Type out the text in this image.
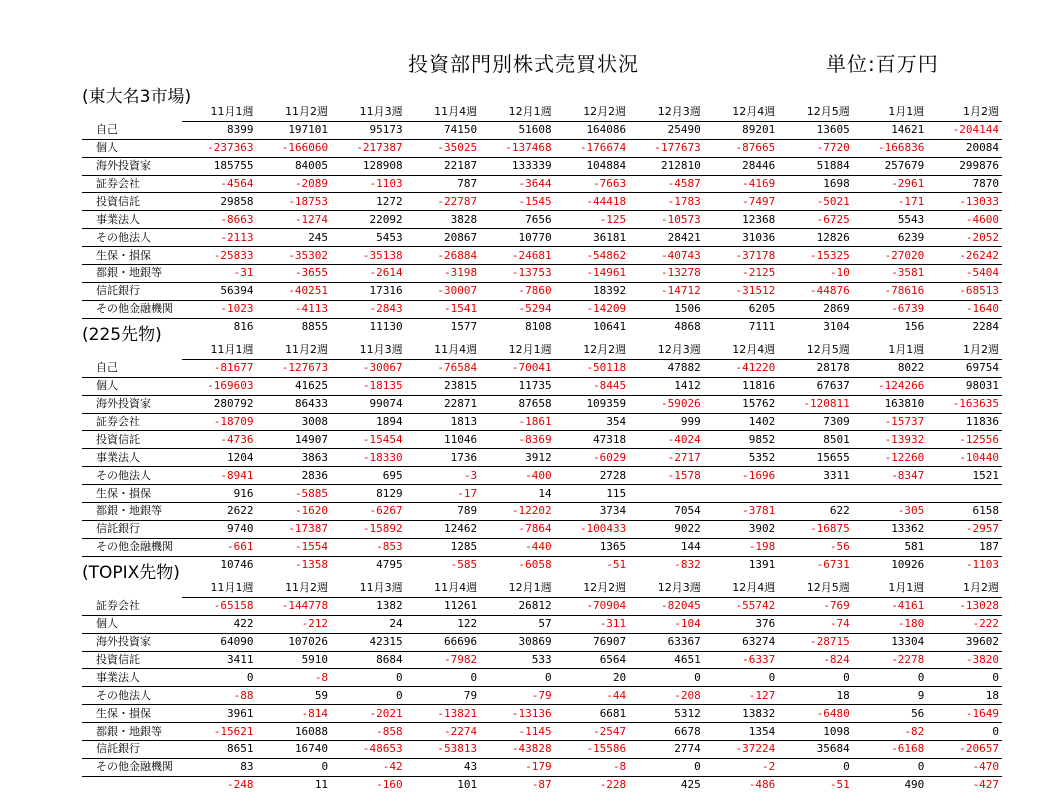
投資部門別株式売買状況	単位:百万円
(東大名3市場)
	11月1週	11月2週	11月3週	11月4週	12月1週	12月2週	12月3週	12月4週	12月5週	1月1週	1月2週
自己	8399	197101	95173	74150	51608	164086	25490	89201	13605	14621	-204144
個人	-237363	-166060	-217387	-35025	-137468	-176674	-177673	-87665	-7720	-166836	20084
海外投資家	185755	84005	128908	22187	133339	104884	212810	28446	51884	257679	299876
証券会社	-4564	-2089	-1103	787	-3644	-7663	-4587	-4169	1698	-2961	7870
投資信託	29858	-18753	1272	-22787	-1545	-44418	-1783	-7497	-5021	-171	-13033
事業法人	-8663	-1274	22092	3828	7656	-125	-10573	12368	-6725	5543	-4600
その他法人	-2113	245	5453	20867	10770	36181	28421	31036	12826	6239	-2052
生保・損保	-25833	-35302	-35138	-26884	-24681	-54862	-40743	-37178	-15325	-27020	-26242
都銀・地銀等	-31	-3655	-2614	-3198	-13753	-14961	-13278	-2125	-10	-3581	-5404
信託銀行	56394	-40251	17316	-30007	-7860	18392	-14712	-31512	-44876	-78616	-68513
その他金融機関	-1023	-4113	-2843	-1541	-5294	-14209	1506	6205	2869	-6739	-1640
	816	8855	11130	1577	8108	10641	4868	7111	3104	156	2284
(225先物)
	11月1週	11月2週	11月3週	11月4週	12月1週	12月2週	12月3週	12月4週	12月5週	1月1週	1月2週
自己	-81677	-127673	-30067	-76584	-70041	-50118	47882	-41220	28178	8022	69754
個人	-169603	41625	-18135	23815	11735	-8445	1412	11816	67637	-124266	98031
海外投資家	280792	86433	99074	22871	87658	109359	-59026	15762	-120811	163810	-163635
証券会社	-18709	3008	1894	1813	-1861	354	999	1402	7309	-15737	11836
投資信託	-4736	14907	-15454	11046	-8369	47318	-4024	9852	8501	-13932	-12556
事業法人	1204	3863	-18330	1736	3912	-6029	-2717	5352	15655	-12260	-10440
その他法人	-8941	2836	695	-3	-400	2728	-1578	-1696	3311	-8347	1521
生保・損保	916	-5885	8129	-17	14	115					
都銀・地銀等	2622	-1620	-6267	789	-12202	3734	7054	-3781	622	-305	6158
信託銀行	9740	-17387	-15892	12462	-7864	-100433	9022	3902	-16875	13362	-2957
その他金融機関	-661	-1554	-853	1285	-440	1365	144	-198	-56	581	187
	10746	-1358	4795	-585	-6058	-51	-832	1391	-6731	10926	-1103
(TOPIX先物)
	11月1週	11月2週	11月3週	11月4週	12月1週	12月2週	12月3週	12月4週	12月5週	1月1週	1月2週
証券会社	-65158	-144778	1382	11261	26812	-70904	-82045	-55742	-769	-4161	-13028
個人	422	-212	24	122	57	-311	-104	376	-74	-180	-222
海外投資家	64090	107026	42315	66696	30869	76907	63367	63274	-28715	13304	39602
投資信託	3411	5910	8684	-7982	533	6564	4651	-6337	-824	-2278	-3820
事業法人	0	-8	0	0	0	20	0	0	0	0	0
その他法人	-88	59	0	79	-79	-44	-208	-127	18	9	18
生保・損保	3961	-814	-2021	-13821	-13136	6681	5312	13832	-6480	56	-1649
都銀・地銀等	-15621	16088	-858	-2274	-1145	-2547	6678	1354	1098	-82	0
信託銀行	8651	16740	-48653	-53813	-43828	-15586	2774	-37224	35684	-6168	-20657
その他金融機関	83	0	-42	43	-179	-8	0	-2	0	0	-470
	-248	11	-160	101	-87	-228	425	-486	-51	490	-427
